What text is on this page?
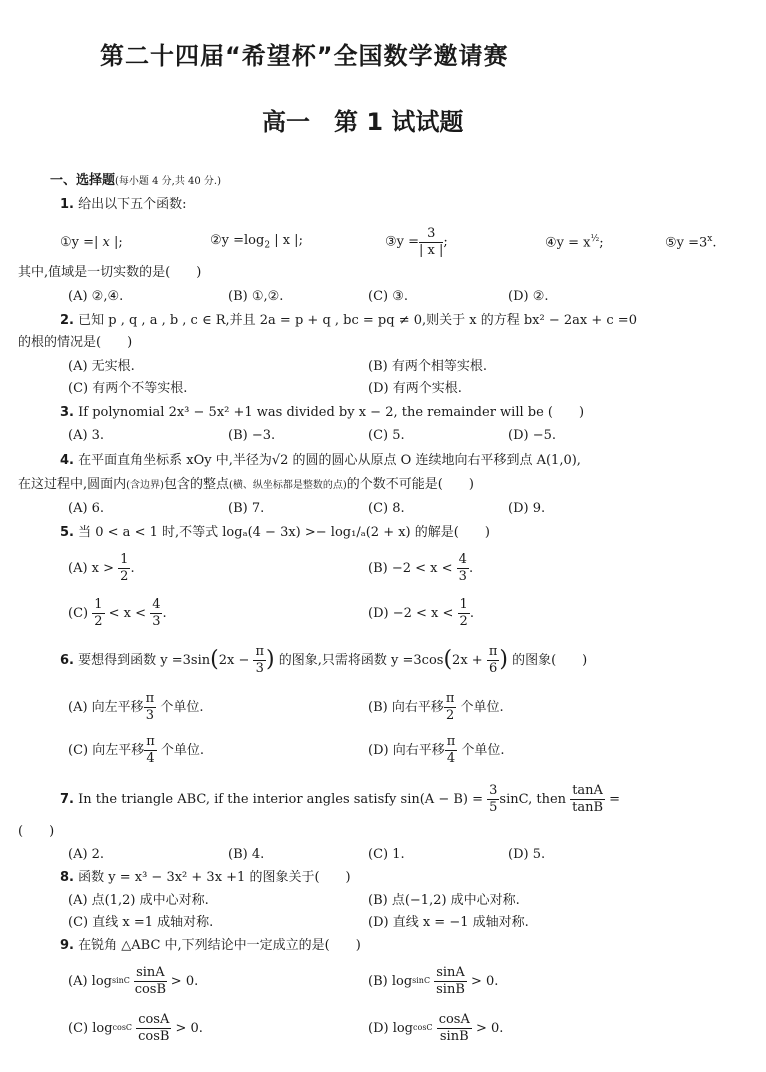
第二十四届“希望杯”全国数学邀请赛
高一　第 1 试试题
一、选择题(每小题 4 分,共 40 分.)
1. 给出以下五个函数:
①y =| x |;	②y $=\log_2$ | x |;	③y = $\frac{3}{| x |}$ ;	④y = $x^{\frac{1}{2}}$;	⑤y $=3^x$.
其中,值域是一切实数的是(　　)
(A) ②,④.	(B) ①,②.	(C) ③.	(D) ②.
2. 已知 p , q , a , b , c ∈ R,并且 2a = p + q , bc = pq ≠ 0,则关于 x 的方程 bx² − 2ax + c =0
的根的情况是(　　)
(A) 无实根.	(B) 有两个相等实根.
(C) 有两个不等实根.	(D) 有两个实根.
3. If polynomial 2x³ − 5x² +1 was divided by x − 2, the remainder will be (　　)
(A) 3.	(B) −3.	(C) 5.	(D) −5.
4. 在平面直角坐标系 xOy 中,半径为√2 的圆的圆心从原点 O 连续地向右平移到点 A(1,0),
在这过程中,圆面内(含边界)包含的整点(横、纵坐标都是整数的点)的个数不可能是(　　)
(A) 6.	(B) 7.	(C) 8.	(D) 9.
5. 当 0 < a < 1 时,不等式 logₐ(4 − 3x) >− log₁/ₐ(2 + x) 的解是(　　)
(A) x >
$\frac{1}{2}$ .	(B) −2 < x <
$\frac{4}{3}$ .
(C)
$\frac{1}{2}$
< x <
$\frac{4}{3}$ .	(D) −2 < x <
$\frac{1}{2}$ .
6.
要想得到函数 y =3sin ( 2x −
$\frac{\pi}{3}$ )
的图象,只需将函数 y =3cos ( 2x +
$\frac{\pi}{6}$ )
的图象(　　)
(A) 向左平移 $\frac{\pi}{3}$
个单位.	(B) 向右平移 $\frac{\pi}{2}$
个单位.
(C) 向左平移 $\frac{\pi}{4}$
个单位.	(D) 向右平移 $\frac{\pi}{4}$
个单位.
7.
In the triangle ABC, if the interior angles satisfy sin(A − B) =
$\frac{3}{5} \sin C$, then
$\frac{\tan A}{\tan B}$
=
(　　)
(A) 2.	(B) 4.	(C) 1.	(D) 5.
8. 函数 y = x³ − 3x² + 3x +1 的图象关于(　　)
(A) 点(1,2) 成中心对称.	(B) 点(−1,2) 成中心对称.
(C) 直线 x =1 成轴对称.	(D) 直线 x = −1 成轴对称.
9. 在锐角 △ABC 中,下列结论中一定成立的是(　　)
(A) log sinC
$\frac{\sin A}{\cos B}$
> 0.	(B) log sinC
$\frac{\sin A}{\sin B}$
> 0.
(C) log cosC
$\frac{\cos A}{\cos B}$
> 0.	(D) log cosC
$\frac{\cos A}{\sin B}$
> 0.
